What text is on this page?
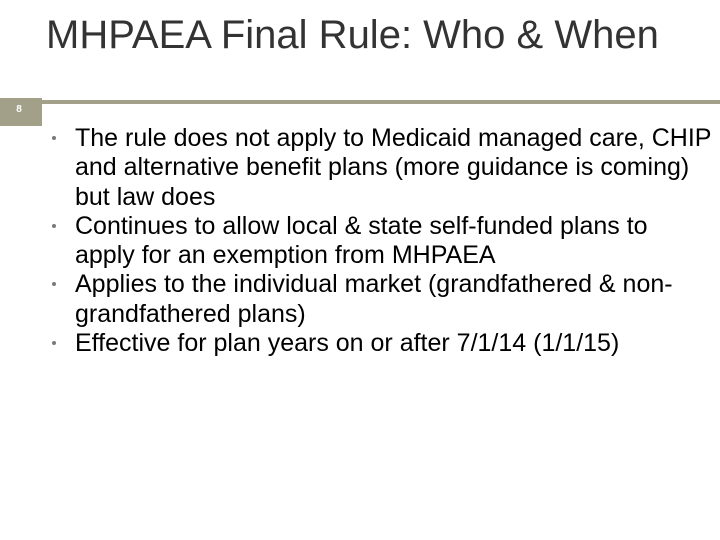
MHPAEA Final Rule: Who & When
8
The rule does not apply to Medicaid managed care, CHIP and alternative benefit plans (more guidance is coming) but law does
Continues to allow local & state self-funded plans to apply for an exemption from MHPAEA
Applies to the individual market (grandfathered & non-grandfathered plans)
Effective for plan years on or after 7/1/14 (1/1/15)
